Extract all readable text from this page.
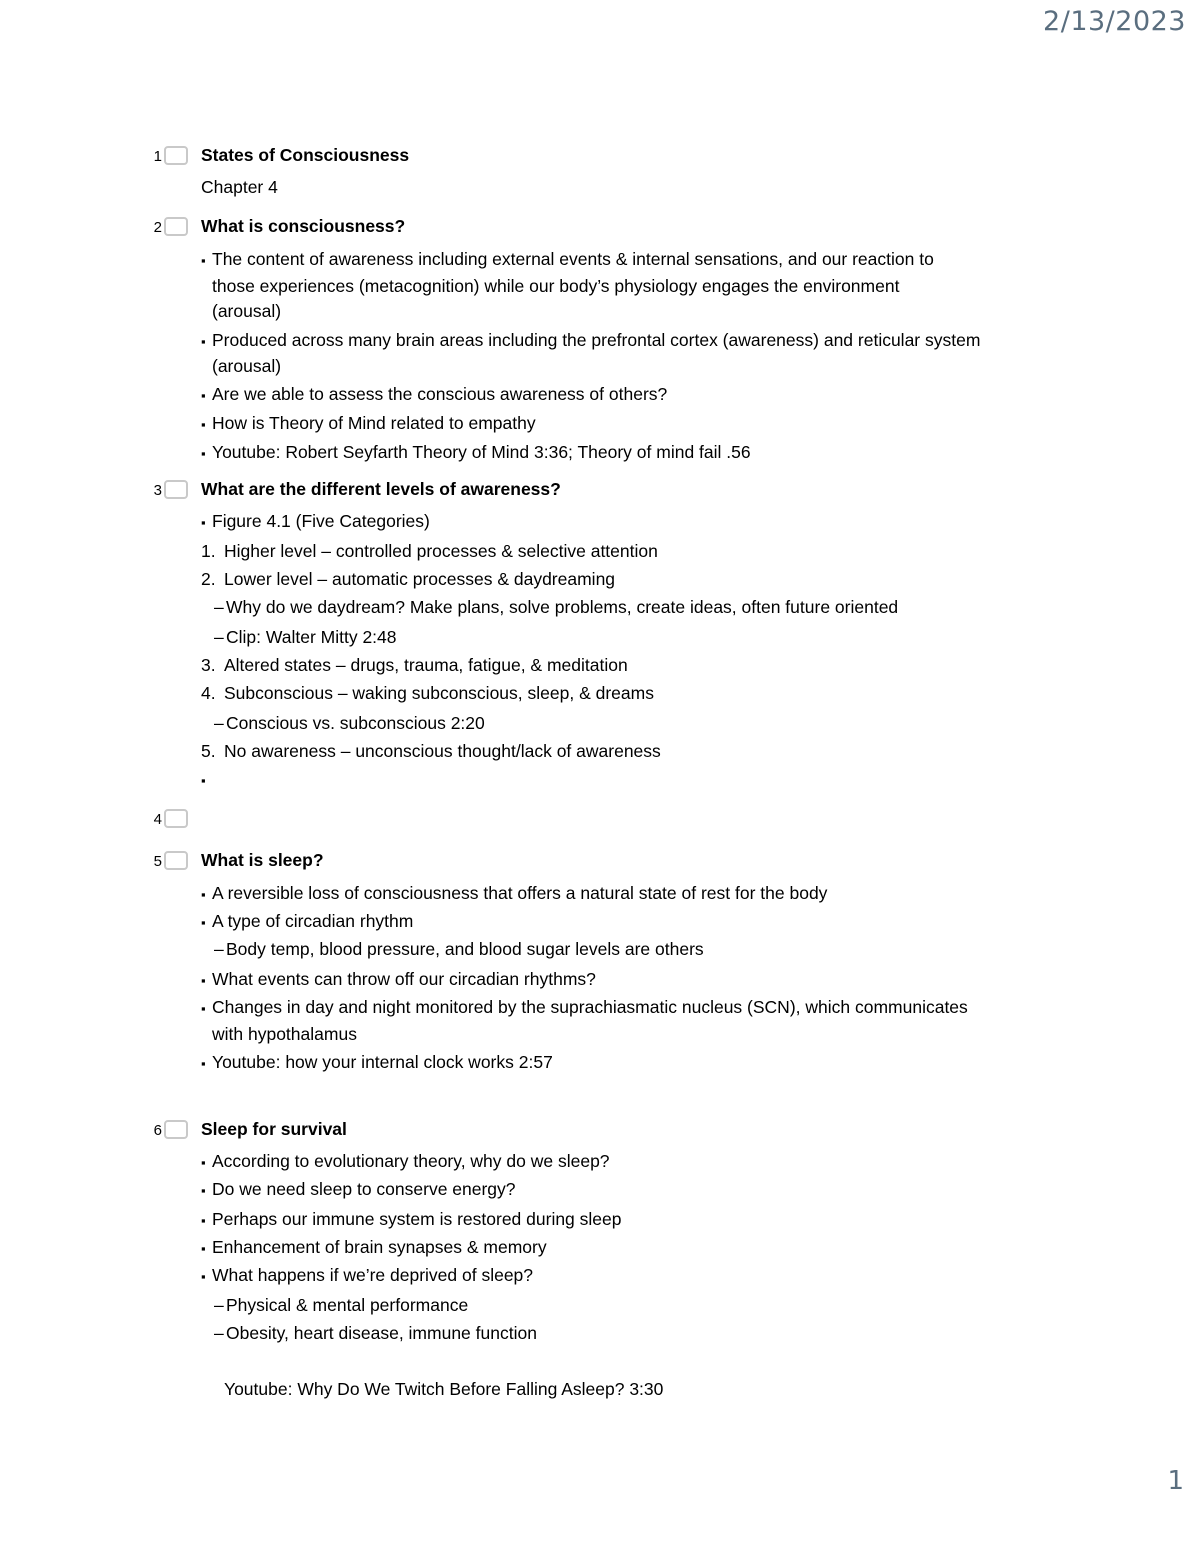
2/13/2023
1 States of Consciousness
Chapter 4
2 What is consciousness?
▪ The content of awareness including external events & internal sensations, and our reaction to
those experiences (metacognition) while our body’s physiology engages the environment
(arousal)
▪ Produced across many brain areas including the prefrontal cortex (awareness) and reticular system
(arousal)
▪ Are we able to assess the conscious awareness of others?
▪ How is Theory of Mind related to empathy
▪ Youtube: Robert Seyfarth Theory of Mind 3:36; Theory of mind fail .56
3 What are the different levels of awareness?
▪ Figure 4.1 (Five Categories)
1. Higher level – controlled processes & selective attention
2. Lower level – automatic processes & daydreaming
– Why do we daydream? Make plans, solve problems, create ideas, often future oriented
– Clip: Walter Mitty 2:48
3. Altered states – drugs, trauma, fatigue, & meditation
4. Subconscious – waking subconscious, sleep, & dreams
– Conscious vs. subconscious 2:20
5. No awareness – unconscious thought/lack of awareness
▪
4
5 What is sleep?
▪ A reversible loss of consciousness that offers a natural state of rest for the body
▪ A type of circadian rhythm
– Body temp, blood pressure, and blood sugar levels are others
▪ What events can throw off our circadian rhythms?
▪ Changes in day and night monitored by the suprachiasmatic nucleus (SCN), which communicates
with hypothalamus
▪ Youtube: how your internal clock works 2:57
6 Sleep for survival
▪ According to evolutionary theory, why do we sleep?
▪ Do we need sleep to conserve energy?
▪ Perhaps our immune system is restored during sleep
▪ Enhancement of brain synapses & memory
▪ What happens if we’re deprived of sleep?
– Physical & mental performance
– Obesity, heart disease, immune function
Youtube: Why Do We Twitch Before Falling Asleep? 3:30
1
